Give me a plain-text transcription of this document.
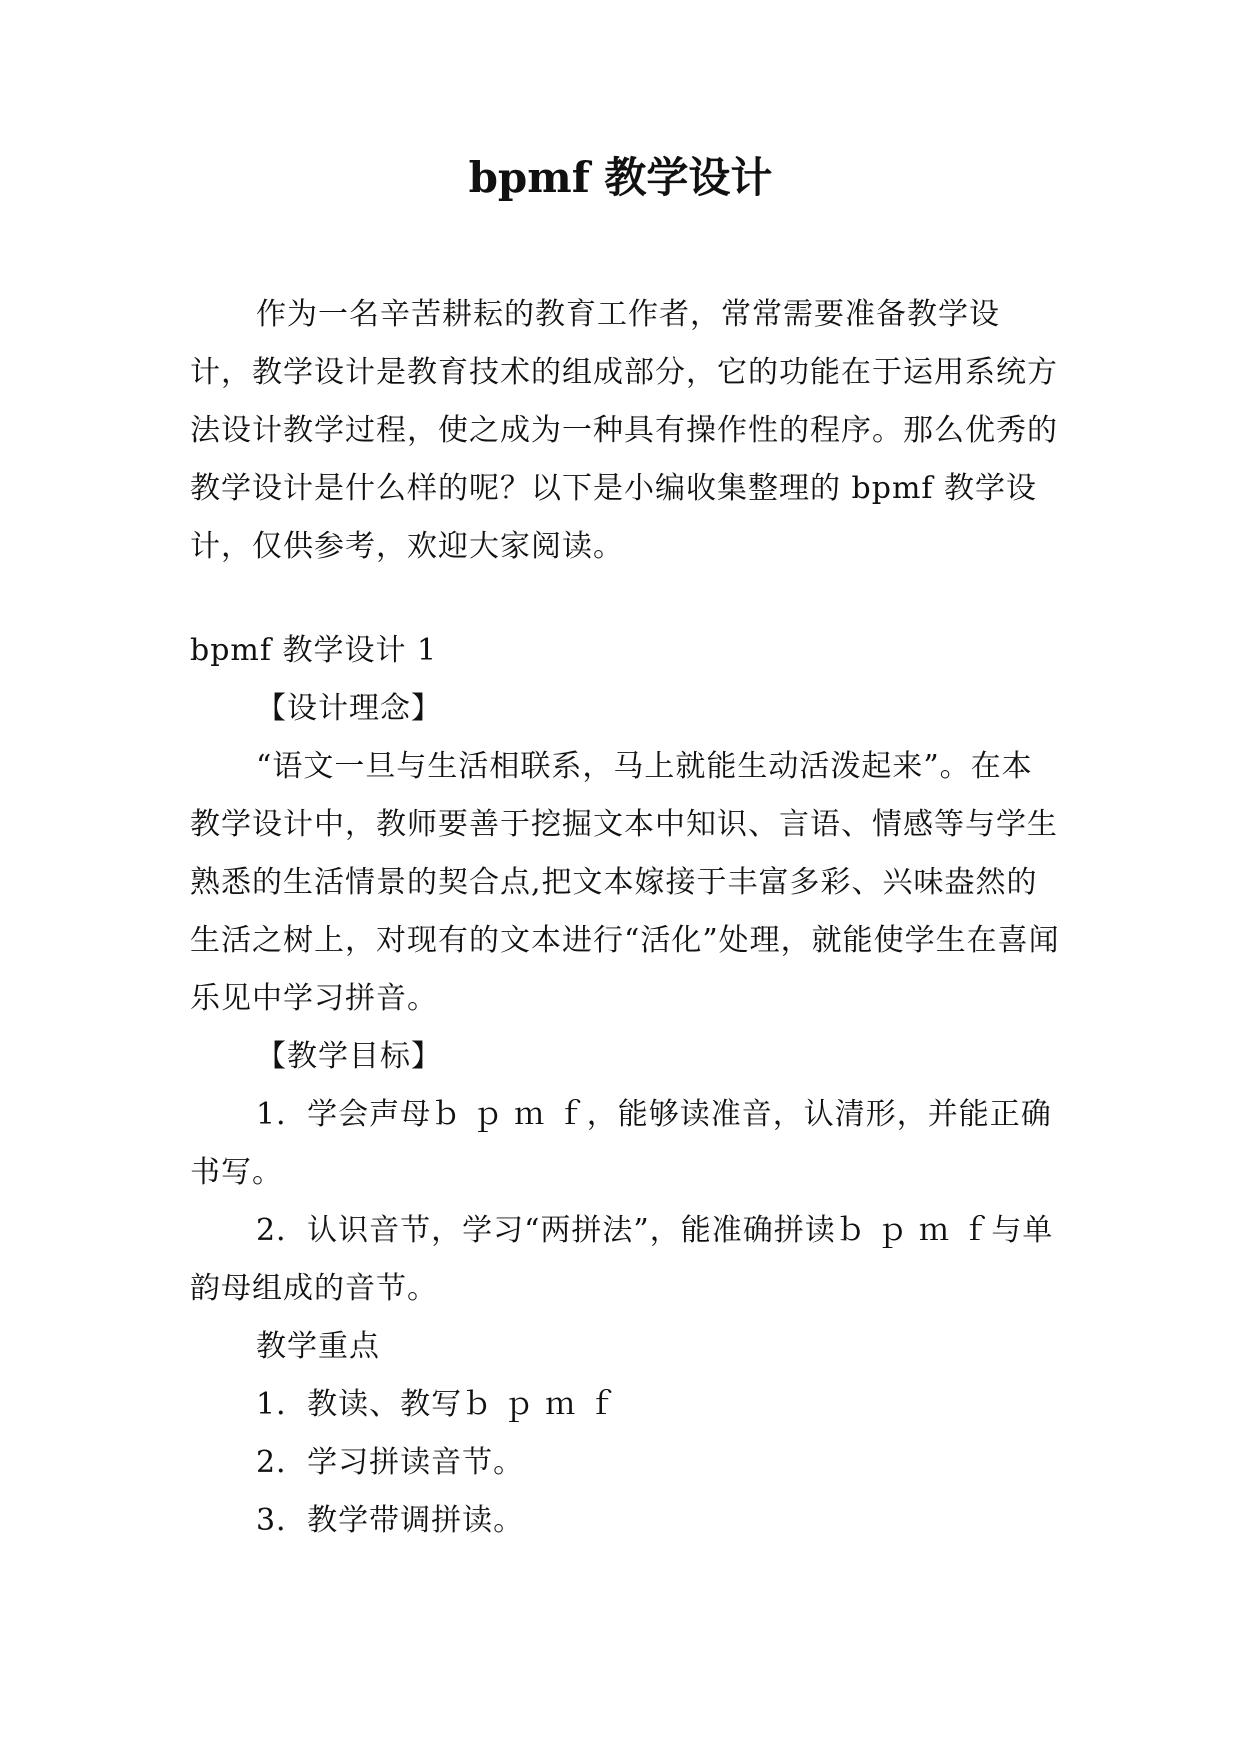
bpmf 教学设计

作为一名辛苦耕耘的教育工作者，常常需要准备教学设计，教学设计是教育技术的组成部分，它的功能在于运用系统方法设计教学过程，使之成为一种具有操作性的程序。那么优秀的教学设计是什么样的呢？以下是小编收集整理的 bpmf 教学设计，仅供参考，欢迎大家阅读。

bpmf 教学设计 1

【设计理念】

“语文一旦与生活相联系，马上就能生动活泼起来”。在本教学设计中，教师要善于挖掘文本中知识、言语、情感等与学生熟悉的生活情景的契合点,把文本嫁接于丰富多彩、兴味盎然的生活之树上，对现有的文本进行“活化”处理，就能使学生在喜闻乐见中学习拼音。

【教学目标】

1．学会声母ｂ ｐ ｍ ｆ，能够读准音，认清形，并能正确书写。

2．认识音节，学习“两拼法”，能准确拼读ｂ ｐ ｍ ｆ与单韵母组成的音节。

教学重点

1．教读、教写ｂ ｐ ｍ ｆ

2．学习拼读音节。

3．教学带调拼读。
